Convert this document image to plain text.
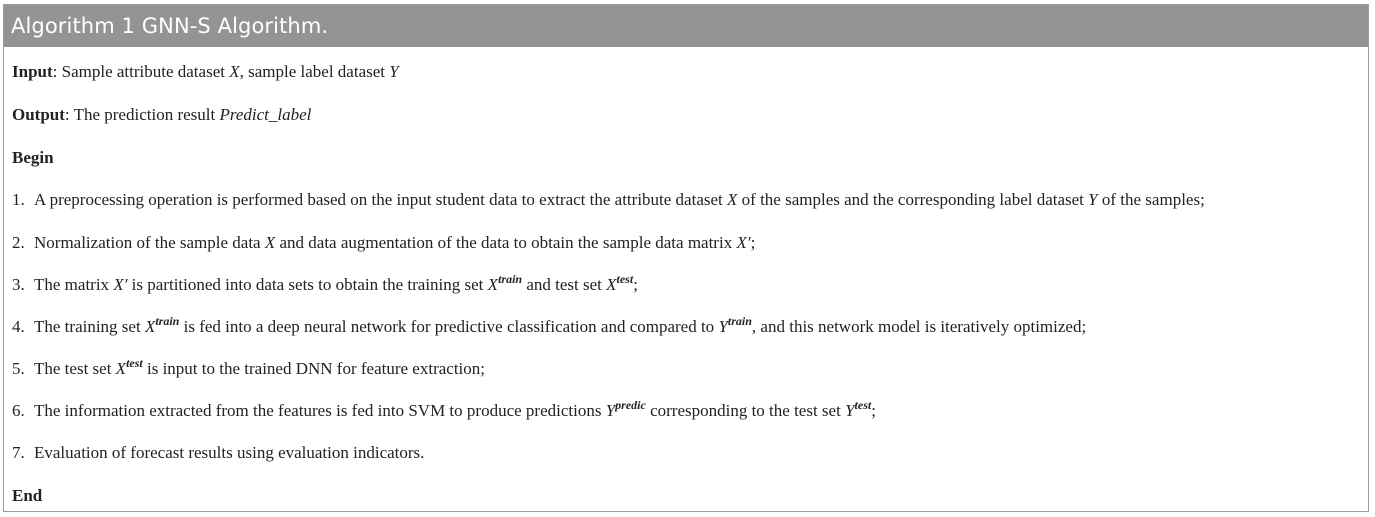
Algorithm 1 GNN-S Algorithm.
Input: Sample attribute dataset X, sample label dataset Y
Output: The prediction result Predict_label
Begin
1. A preprocessing operation is performed based on the input student data to extract the attribute dataset X of the samples and the corresponding label dataset Y of the samples;
2. Normalization of the sample data X and data augmentation of the data to obtain the sample data matrix X′;
3. The matrix X′ is partitioned into data sets to obtain the training set $X^{train}$ and test set $X^{test}$;
4. The training set $X^{train}$ is fed into a deep neural network for predictive classification and compared to $Y^{train}$, and this network model is iteratively optimized;
5. The test set $X^{test}$ is input to the trained DNN for feature extraction;
6. The information extracted from the features is fed into SVM to produce predictions $Y^{predic}$ corresponding to the test set $Y^{test}$;
7. Evaluation of forecast results using evaluation indicators.
End
